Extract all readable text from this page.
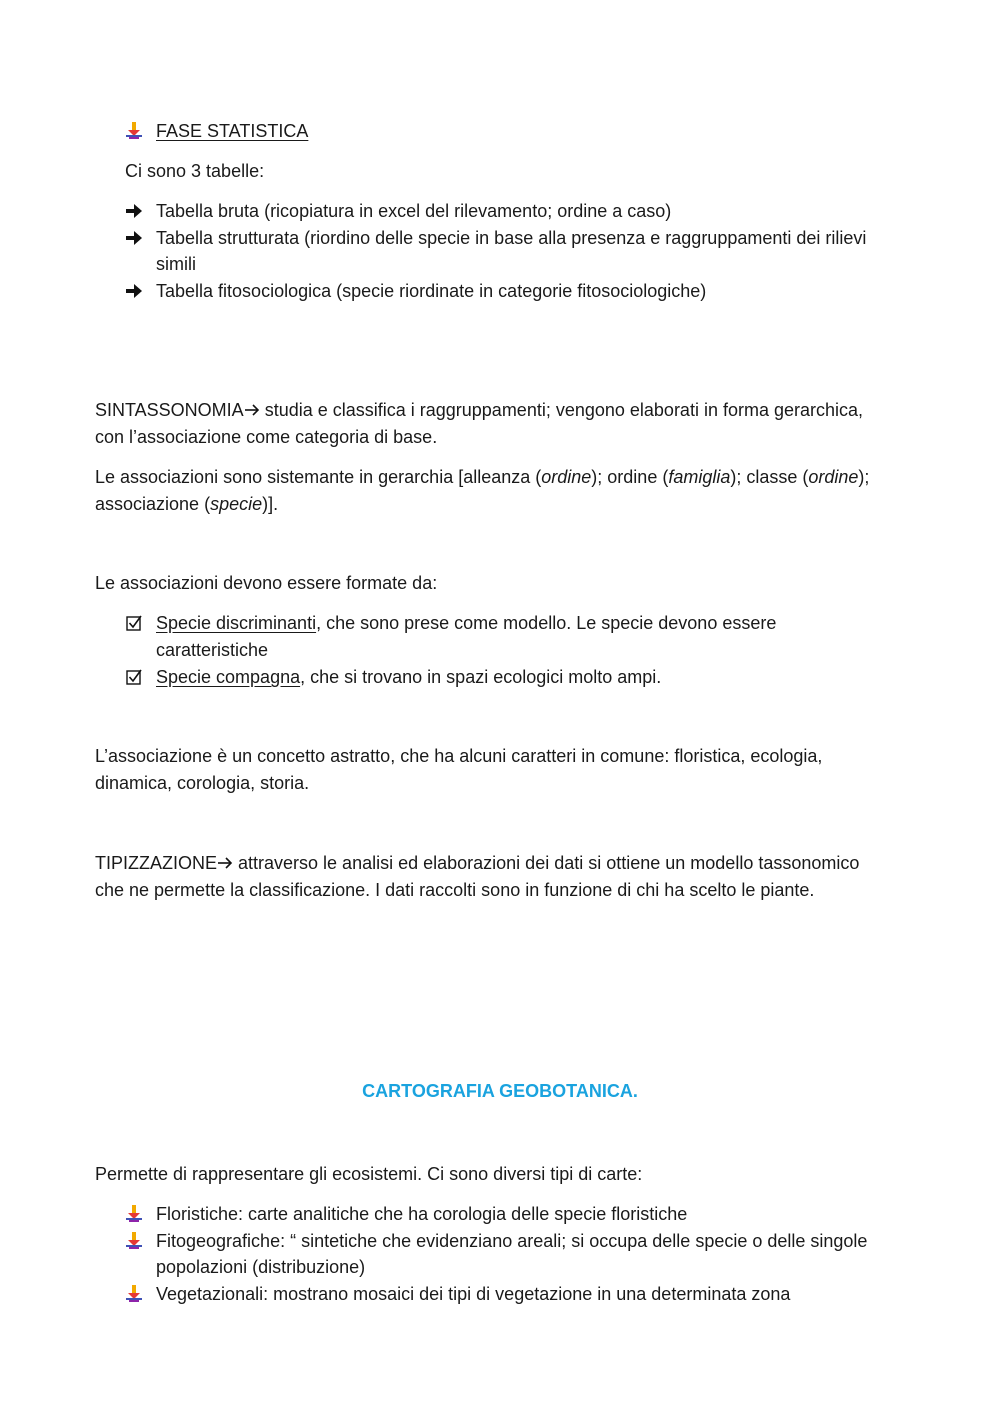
FASE STATISTICA
Ci sono 3 tabelle:
Tabella bruta (ricopiatura in excel del rilevamento; ordine a caso)
Tabella strutturata (riordino delle specie in base alla presenza e raggruppamenti dei rilievi
simili
Tabella fitosociologica (specie riordinate in categorie fitosociologiche)
SINTASSONOMIA studia e classifica i raggruppamenti; vengono elaborati in forma gerarchica,
con l’associazione come categoria di base.
Le associazioni sono sistemante in gerarchia [alleanza (ordine); ordine (famiglia); classe (ordine);
associazione (specie)].
Le associazioni devono essere formate da:
Specie discriminanti, che sono prese come modello. Le specie devono essere
caratteristiche
Specie compagna, che si trovano in spazi ecologici molto ampi.
L’associazione è un concetto astratto, che ha alcuni caratteri in comune: floristica, ecologia,
dinamica, corologia, storia.
TIPIZZAZIONE attraverso le analisi ed elaborazioni dei dati si ottiene un modello tassonomico
che ne permette la classificazione. I dati raccolti sono in funzione di chi ha scelto le piante.
CARTOGRAFIA GEOBOTANICA.
Permette di rappresentare gli ecosistemi. Ci sono diversi tipi di carte:
Floristiche: carte analitiche che ha corologia delle specie floristiche
Fitogeografiche: “ sintetiche che evidenziano areali; si occupa delle specie o delle singole
popolazioni (distribuzione)
Vegetazionali: mostrano mosaici dei tipi di vegetazione in una determinata zona
